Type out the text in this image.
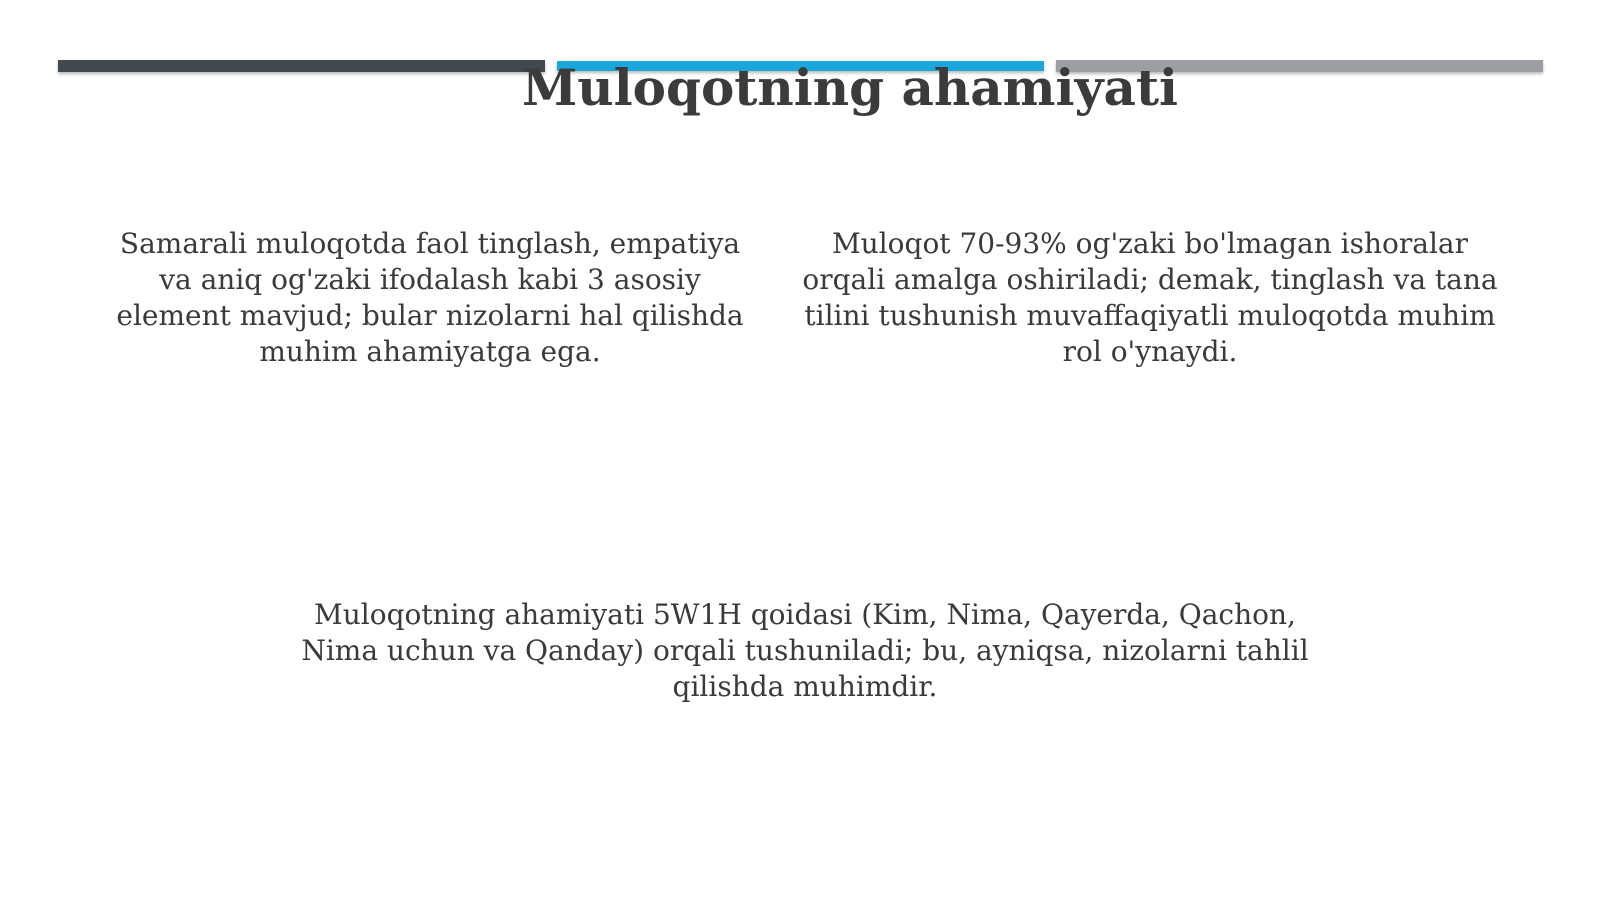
Muloqotning ahamiyati
Samarali muloqotda faol tinglash, empatiya va aniq og'zaki ifodalash kabi 3 asosiy element mavjud; bular nizolarni hal qilishda muhim ahamiyatga ega.
Muloqot 70-93% og'zaki bo'lmagan ishoralar orqali amalga oshiriladi; demak, tinglash va tana tilini tushunish muvaffaqiyatli muloqotda muhim rol o'ynaydi.
Muloqotning ahamiyati 5W1H qoidasi (Kim, Nima, Qayerda, Qachon, Nima uchun va Qanday) orqali tushuniladi; bu, ayniqsa, nizolarni tahlil qilishda muhimdir.
